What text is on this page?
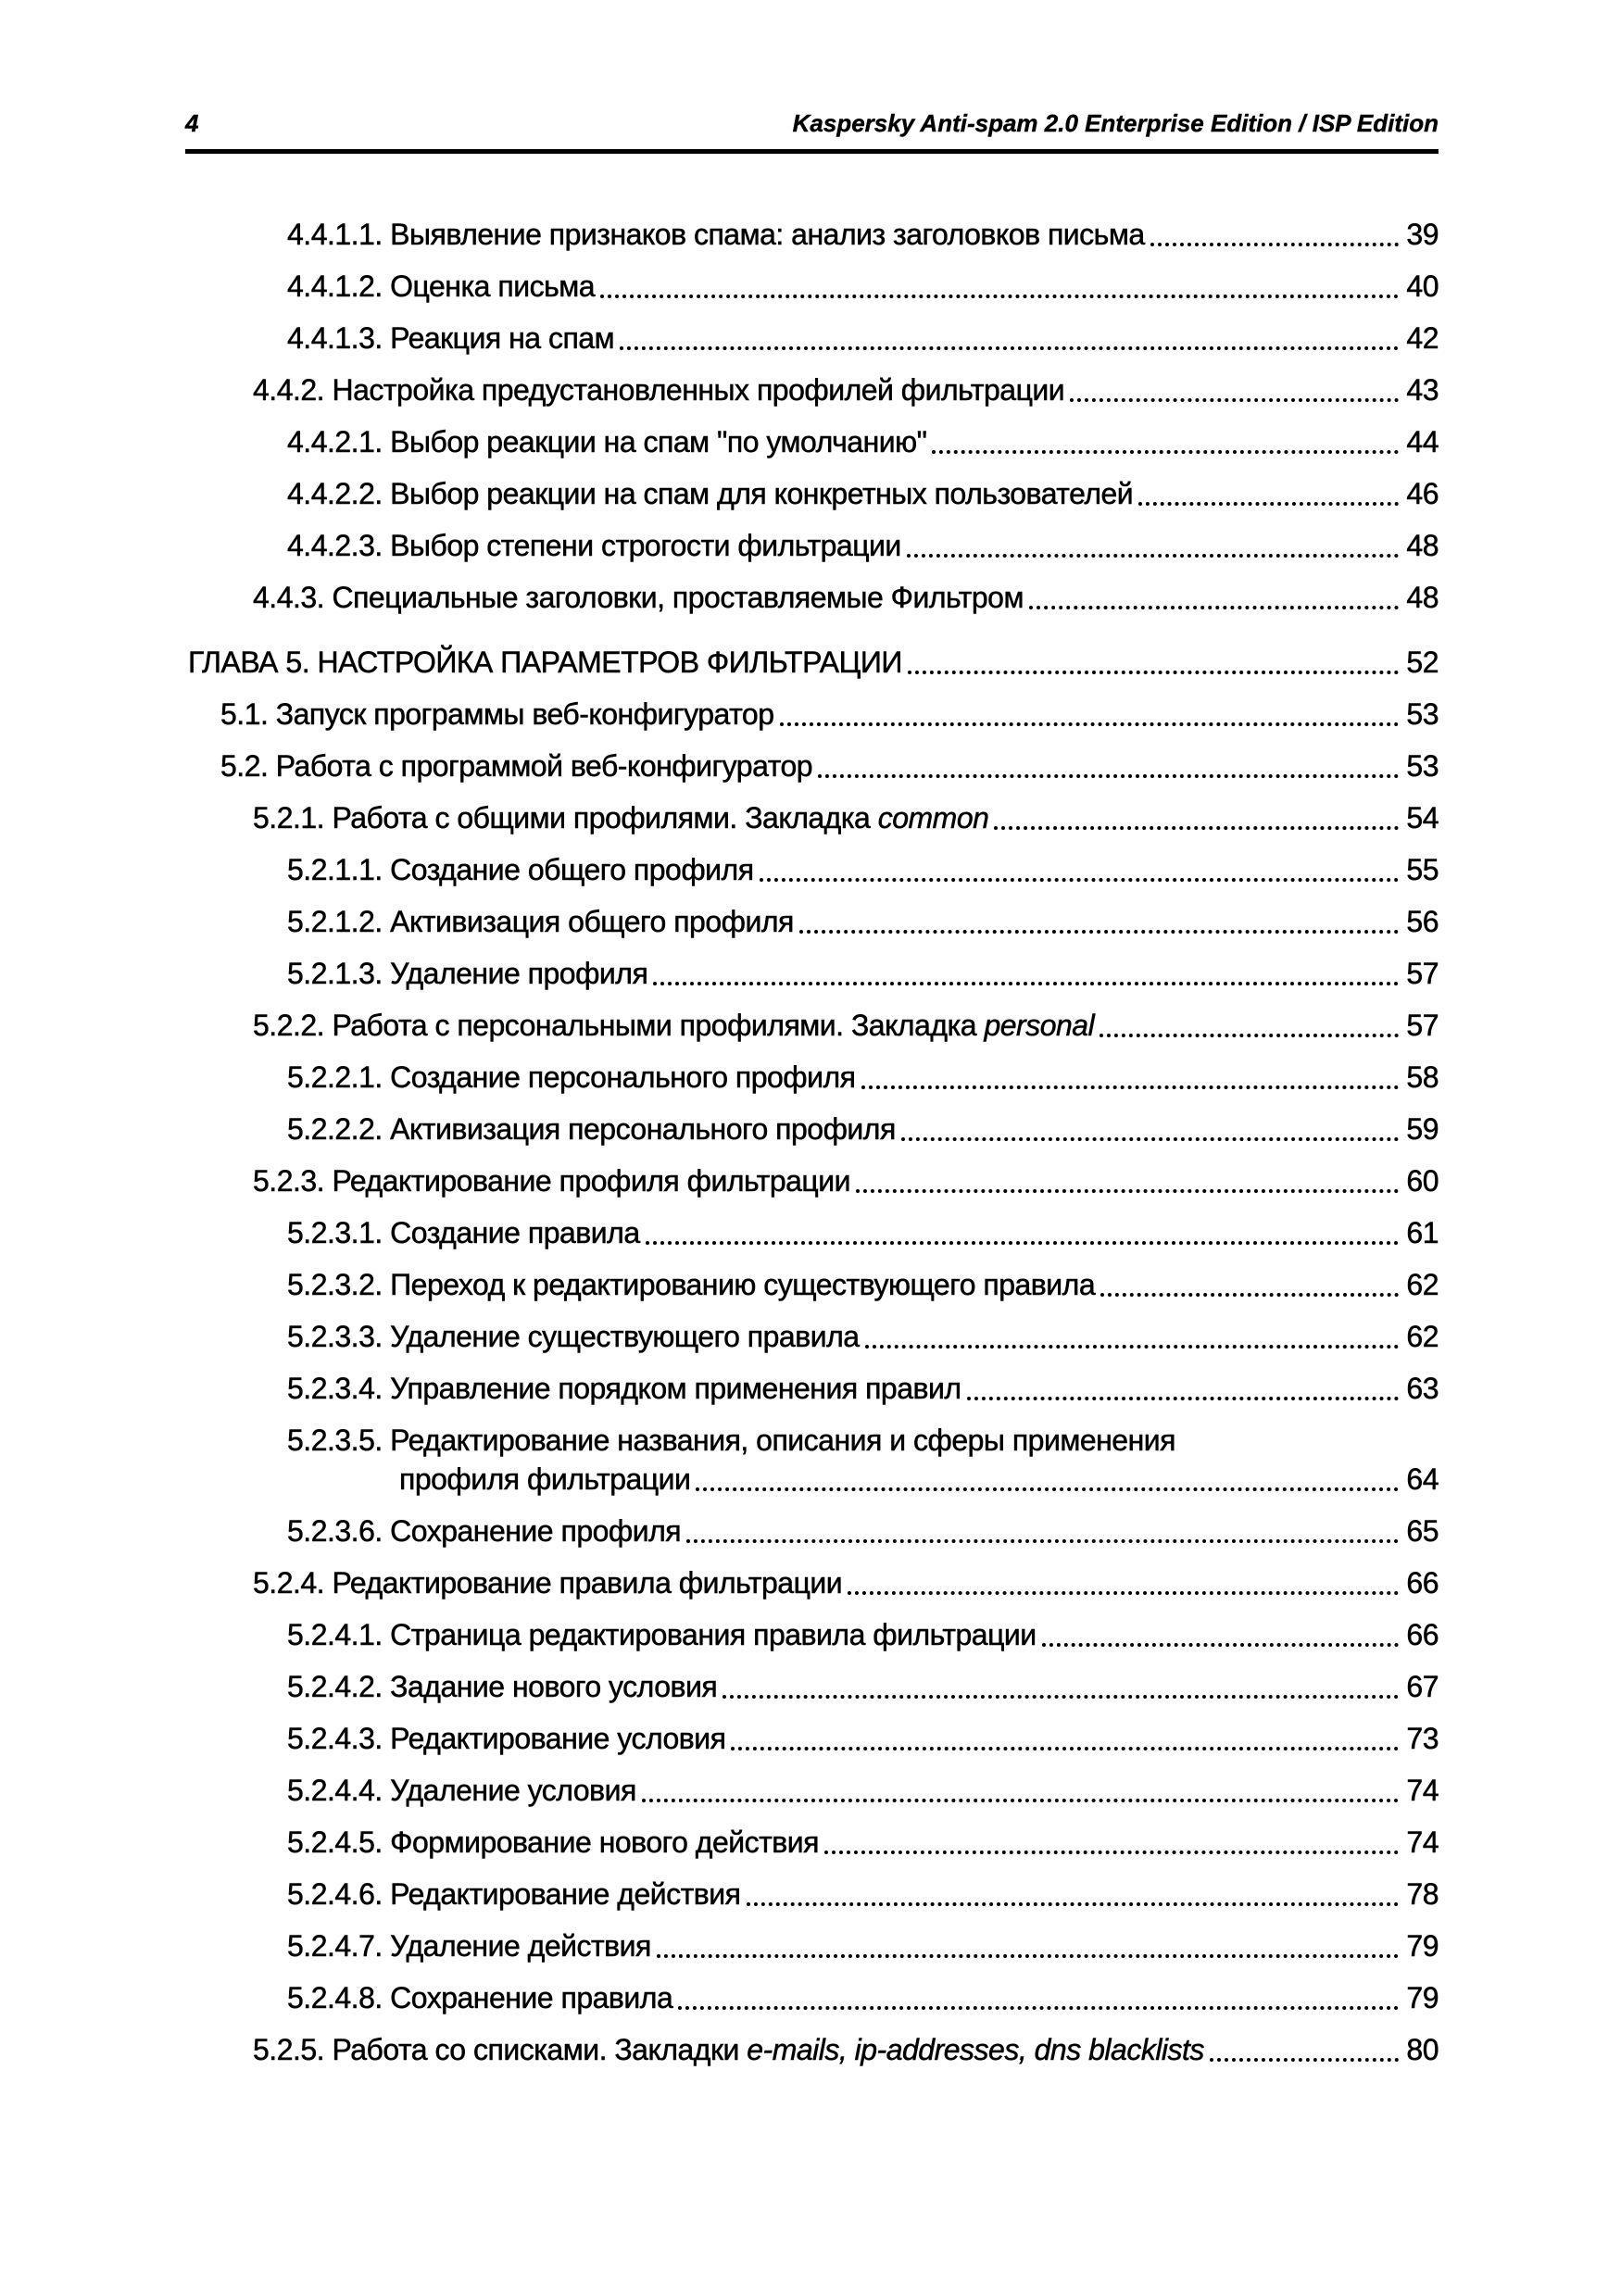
4	Kaspersky Anti-spam 2.0 Enterprise Edition / ISP Edition
4.4.1.1. Выявление признаков спама: анализ заголовков письма	39
4.4.1.2. Оценка письма	40
4.4.1.3. Реакция на спам	42
4.4.2. Настройка предустановленных профилей фильтрации	43
4.4.2.1. Выбор реакции на спам "по умолчанию"	44
4.4.2.2. Выбор реакции на спам для конкретных пользователей	46
4.4.2.3. Выбор степени строгости фильтрации	48
4.4.3. Специальные заголовки, проставляемые Фильтром	48
ГЛАВА 5. НАСТРОЙКА ПАРАМЕТРОВ ФИЛЬТРАЦИИ	52
5.1. Запуск программы веб-конфигуратор	53
5.2. Работа с программой веб-конфигуратор	53
5.2.1. Работа с общими профилями. Закладка common	54
5.2.1.1. Создание общего профиля	55
5.2.1.2. Активизация общего профиля	56
5.2.1.3. Удаление профиля	57
5.2.2. Работа с персональными профилями. Закладка personal	57
5.2.2.1. Создание персонального профиля	58
5.2.2.2. Активизация персонального профиля	59
5.2.3. Редактирование профиля фильтрации	60
5.2.3.1. Создание правила	61
5.2.3.2. Переход к редактированию существующего правила	62
5.2.3.3. Удаление существующего правила	62
5.2.3.4. Управление порядком применения правил	63
5.2.3.5. Редактирование названия, описания и сферы применения
профиля фильтрации	64
5.2.3.6. Сохранение профиля	65
5.2.4. Редактирование правила фильтрации	66
5.2.4.1. Страница редактирования правила фильтрации	66
5.2.4.2. Задание нового условия	67
5.2.4.3. Редактирование условия	73
5.2.4.4. Удаление условия	74
5.2.4.5. Формирование нового действия	74
5.2.4.6. Редактирование действия	78
5.2.4.7. Удаление действия	79
5.2.4.8. Сохранение правила	79
5.2.5. Работа со списками. Закладки e-mails, ip-addresses, dns blacklists	80
